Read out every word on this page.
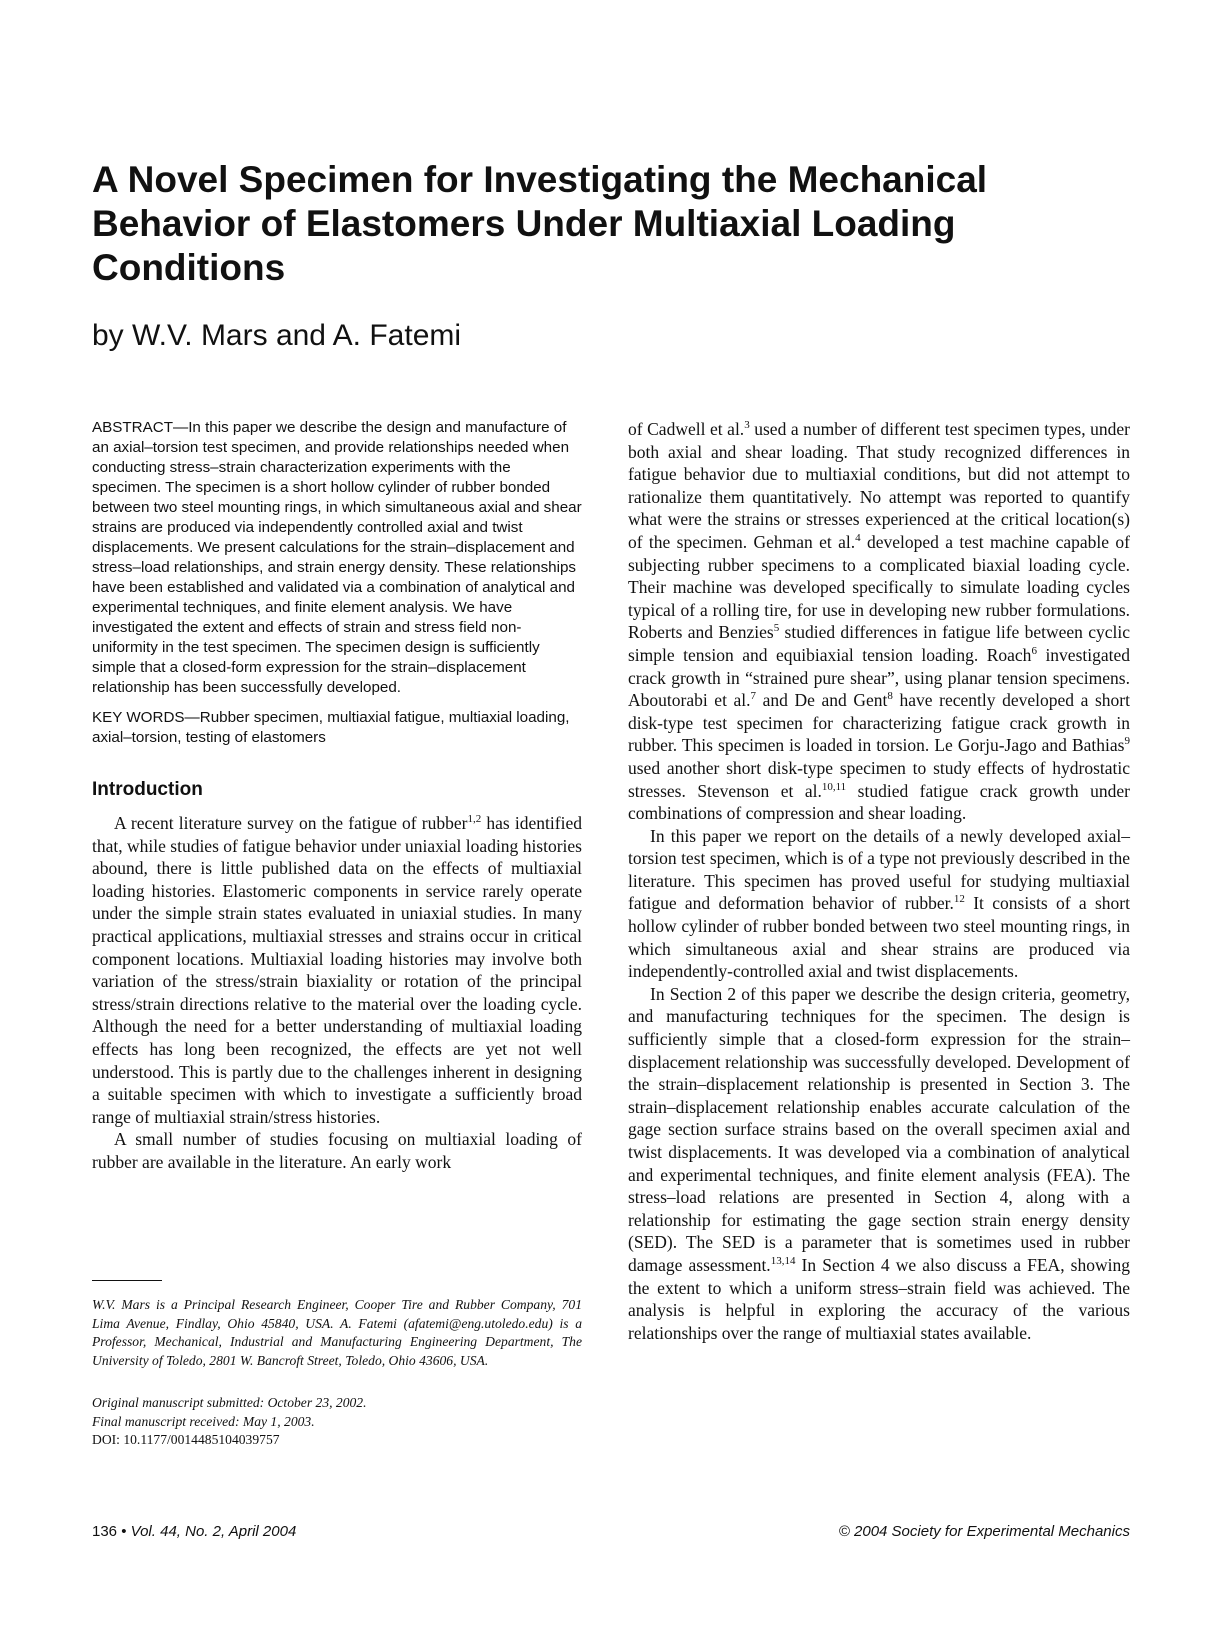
A Novel Specimen for Investigating the Mechanical
Behavior of Elastomers Under Multiaxial Loading
Conditions

by W.V. Mars and A. Fatemi

ABSTRACT—In this paper we describe the design and manufacture of an axial–torsion test specimen, and provide relationships needed when conducting stress–strain characterization experiments with the specimen. The specimen is a short hollow cylinder of rubber bonded between two steel mounting rings, in which simultaneous axial and shear strains are produced via independently controlled axial and twist displacements. We present calculations for the strain–displacement and stress–load relationships, and strain energy density. These relationships have been established and validated via a combination of analytical and experimental techniques, and finite element analysis. We have investigated the extent and effects of strain and stress field non-uniformity in the test specimen. The specimen design is sufficiently simple that a closed-form expression for the strain–displacement relationship has been successfully developed.

KEY WORDS—Rubber specimen, multiaxial fatigue, multiaxial loading, axial–torsion, testing of elastomers

Introduction

A recent literature survey on the fatigue of rubber$^{1,2}$ has identified that, while studies of fatigue behavior under uniaxial loading histories abound, there is little published data on the effects of multiaxial loading histories. Elastomeric components in service rarely operate under the simple strain states evaluated in uniaxial studies. In many practical applications, multiaxial stresses and strains occur in critical component locations. Multiaxial loading histories may involve both variation of the stress/strain biaxiality or rotation of the principal stress/strain directions relative to the material over the loading cycle. Although the need for a better understanding of multiaxial loading effects has long been recognized, the effects are yet not well understood. This is partly due to the challenges inherent in designing a suitable specimen with which to investigate a sufficiently broad range of multiaxial strain/stress histories.

A small number of studies focusing on multiaxial loading of rubber are available in the literature. An early work

of Cadwell et al.$^3$ used a number of different test specimen types, under both axial and shear loading. That study recognized differences in fatigue behavior due to multiaxial conditions, but did not attempt to rationalize them quantitatively. No attempt was reported to quantify what were the strains or stresses experienced at the critical location(s) of the specimen. Gehman et al.$^4$ developed a test machine capable of subjecting rubber specimens to a complicated biaxial loading cycle. Their machine was developed specifically to simulate loading cycles typical of a rolling tire, for use in developing new rubber formulations. Roberts and Benzies$^5$ studied differences in fatigue life between cyclic simple tension and equibiaxial tension loading. Roach$^6$ investigated crack growth in “strained pure shear”, using planar tension specimens. Aboutorabi et al.$^7$ and De and Gent$^8$ have recently developed a short disk-type test specimen for characterizing fatigue crack growth in rubber. This specimen is loaded in torsion. Le Gorju-Jago and Bathias$^9$ used another short disk-type specimen to study effects of hydrostatic stresses. Stevenson et al.$^{10,11}$ studied fatigue crack growth under combinations of compression and shear loading.

In this paper we report on the details of a newly developed axial–torsion test specimen, which is of a type not previously described in the literature. This specimen has proved useful for studying multiaxial fatigue and deformation behavior of rubber.$^{12}$ It consists of a short hollow cylinder of rubber bonded between two steel mounting rings, in which simultaneous axial and shear strains are produced via independently-controlled axial and twist displacements.

In Section 2 of this paper we describe the design criteria, geometry, and manufacturing techniques for the specimen. The design is sufficiently simple that a closed-form expression for the strain–displacement relationship was successfully developed. Development of the strain–displacement relationship is presented in Section 3. The strain–displacement relationship enables accurate calculation of the gage section surface strains based on the overall specimen axial and twist displacements. It was developed via a combination of analytical and experimental techniques, and finite element analysis (FEA). The stress–load relations are presented in Section 4, along with a relationship for estimating the gage section strain energy density (SED). The SED is a parameter that is sometimes used in rubber damage assessment.$^{13,14}$ In Section 4 we also discuss a FEA, showing the extent to which a uniform stress–strain field was achieved. The analysis is helpful in exploring the accuracy of the various relationships over the range of multiaxial states available.

W.V. Mars is a Principal Research Engineer, Cooper Tire and Rubber Company, 701 Lima Avenue, Findlay, Ohio 45840, USA. A. Fatemi (afatemi@eng.utoledo.edu) is a Professor, Mechanical, Industrial and Manufacturing Engineering Department, The University of Toledo, 2801 W. Bancroft Street, Toledo, Ohio 43606, USA.

Original manuscript submitted: October 23, 2002.
Final manuscript received: May 1, 2003.
DOI: 10.1177/0014485104039757

136 • Vol. 44, No. 2, April 2004	© 2004 Society for Experimental Mechanics
